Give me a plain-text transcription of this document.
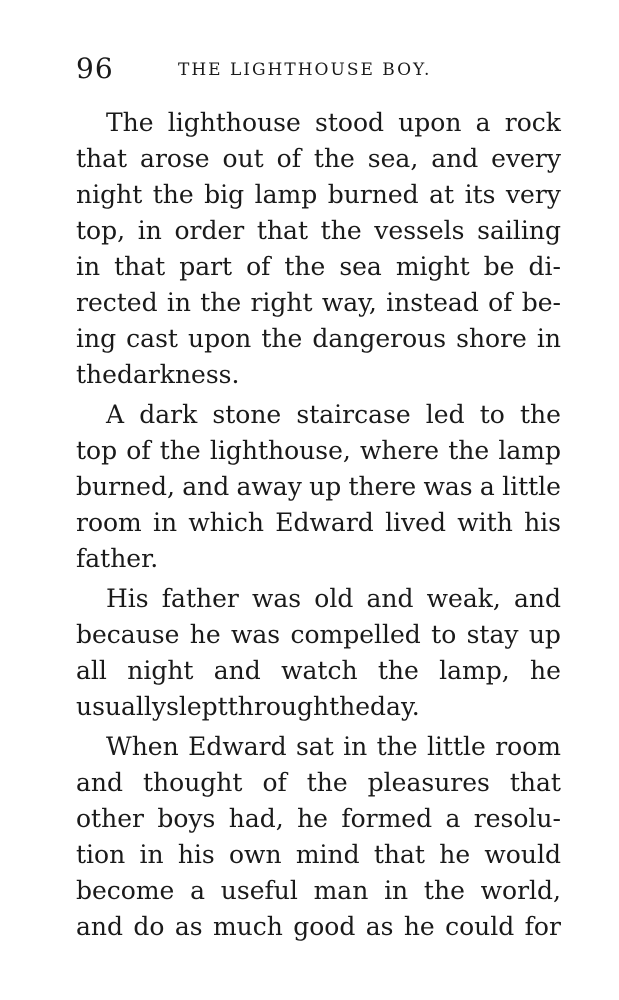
96	THE LIGHTHOUSE BOY.
The lighthouse stood upon a rock
that arose out of the sea, and every
night the big lamp burned at its very
top, in order that the vessels sailing
in that part of the sea might be di-
rected in the right way, instead of be-
ing cast upon the dangerous shore in
the darkness.
A dark stone staircase led to the
top of the lighthouse, where the lamp
burned, and away up there was a little
room in which Edward lived with his
father.
His father was old and weak, and
because he was compelled to stay up
all night and watch the lamp, he
usually slept through the day.
When Edward sat in the little room
and thought of the pleasures that
other boys had, he formed a resolu-
tion in his own mind that he would
become a useful man in the world,
and do as much good as he could for
